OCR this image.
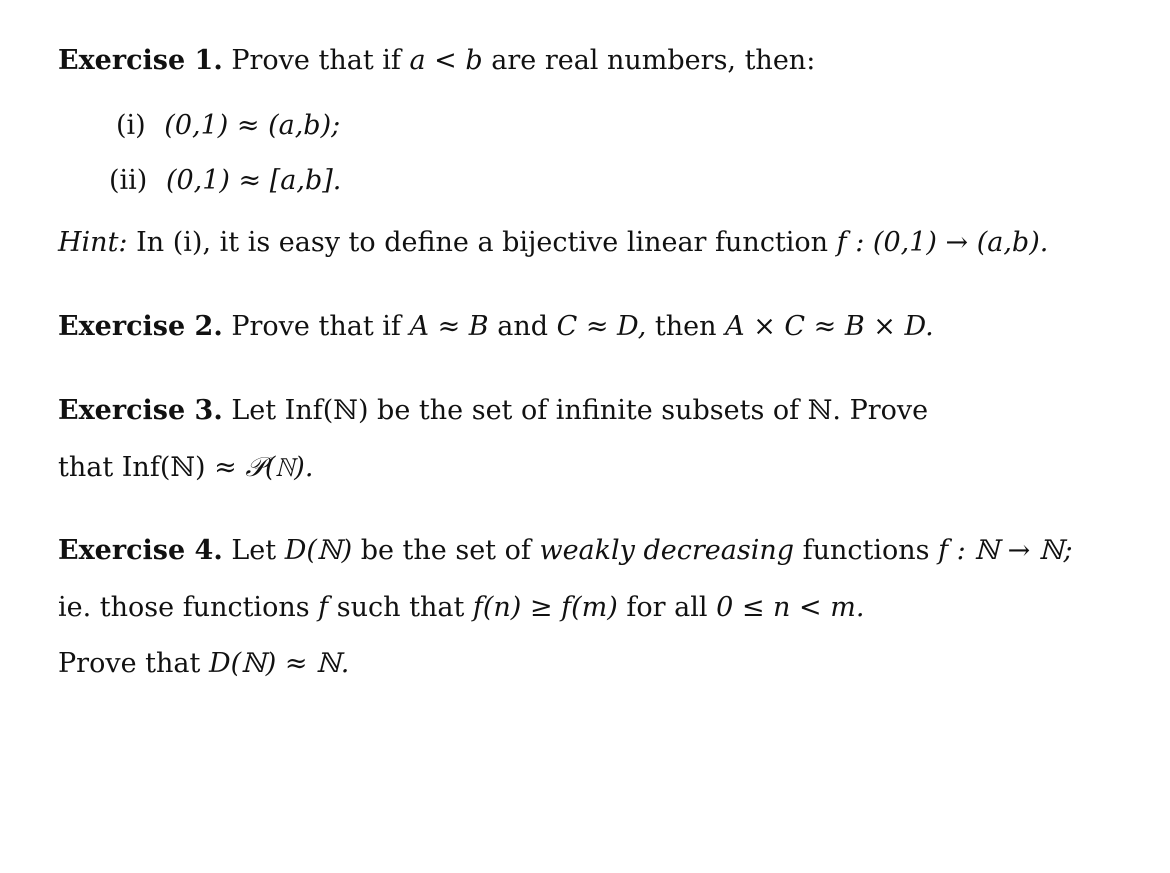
Exercise 1. Prove that if a < b are real numbers, then:
(i) (0,1) ≈ (a,b);
(ii) (0,1) ≈ [a,b].
Hint: In (i), it is easy to define a bijective linear function f : (0,1) → (a,b).
Exercise 2. Prove that if A ≈ B and C ≈ D, then A × C ≈ B × D.
Exercise 3. Let Inf(ℕ) be the set of infinite subsets of ℕ. Prove
that Inf(ℕ) ≈ 𝒫(ℕ).
Exercise 4. Let D(ℕ) be the set of weakly decreasing functions f : ℕ → ℕ;
ie. those functions f such that f(n) ≥ f(m) for all 0 ≤ n < m.
Prove that D(ℕ) ≈ ℕ.
